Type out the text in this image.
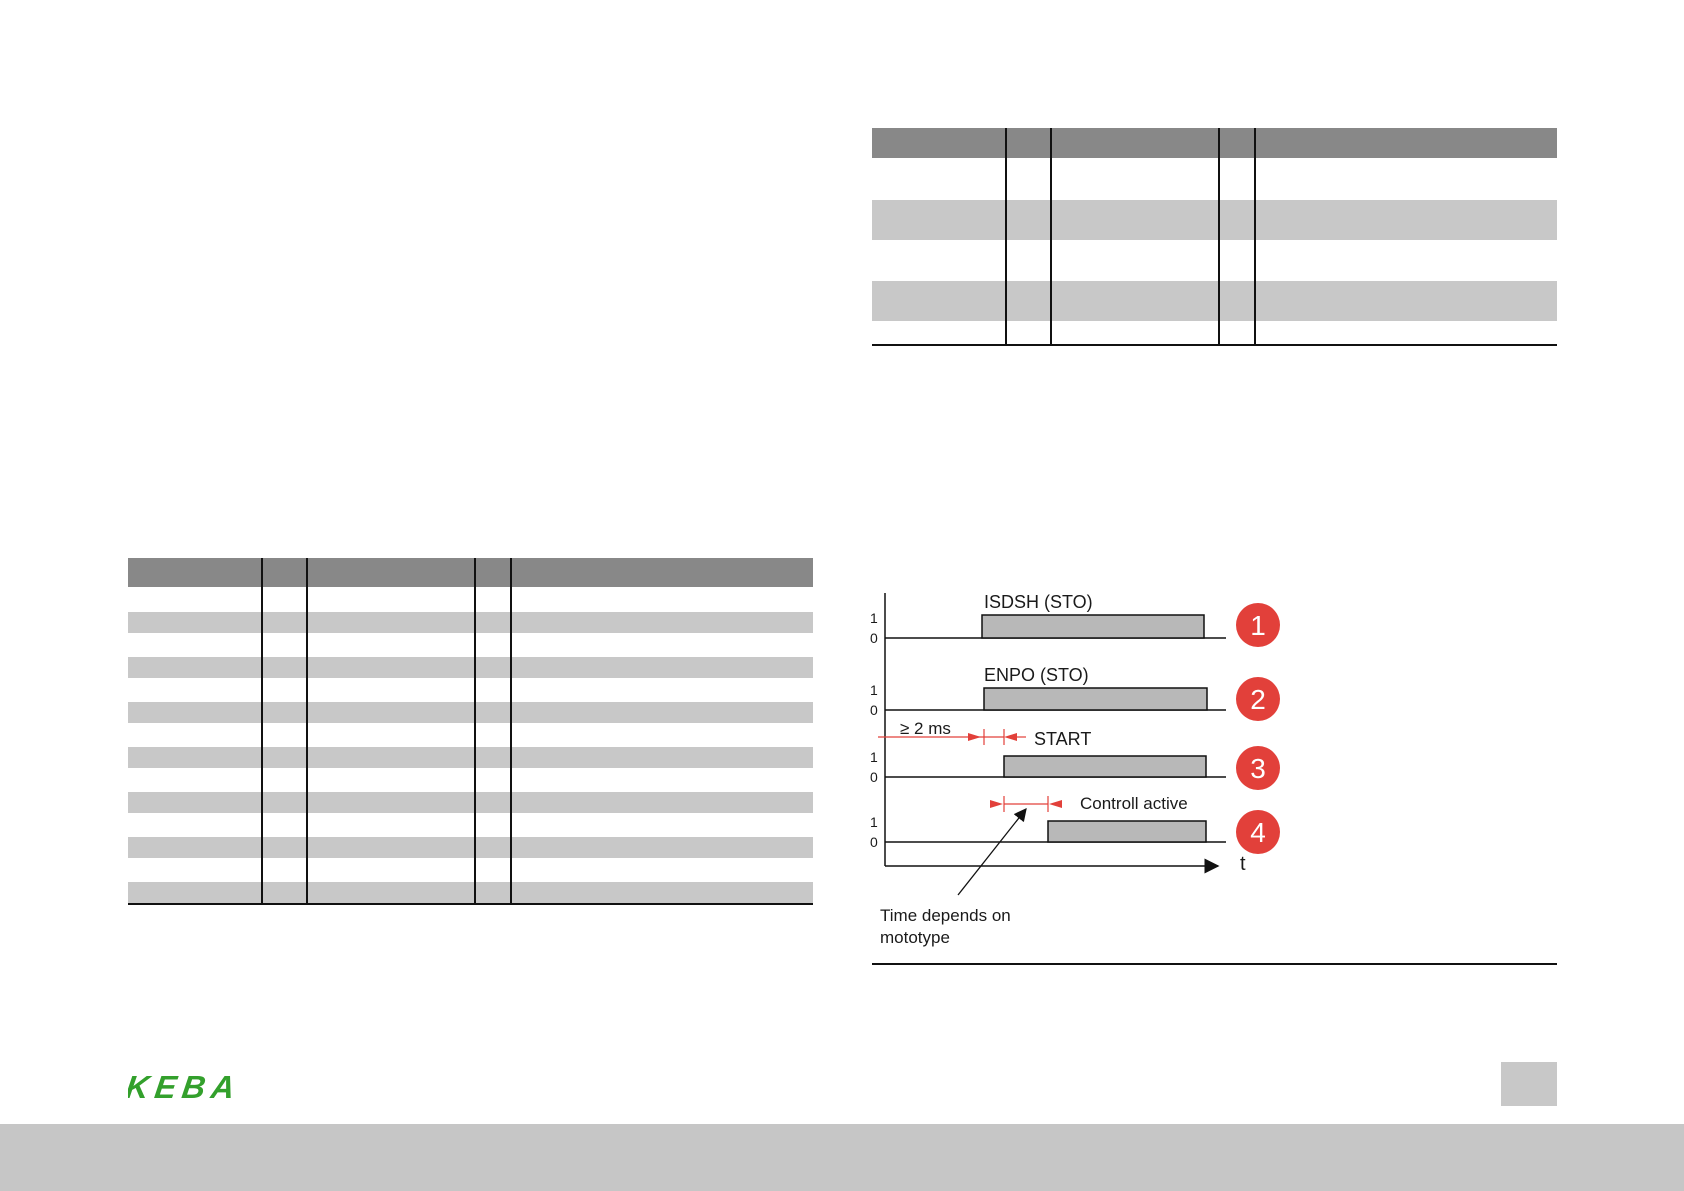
t
1
0
ISDSH (STO)
1
1
0
ENPO (STO)
2
≥ 2 ms
1
0
START
3
1
0
Controll active
4
Time depends on
mototype
KEBA
